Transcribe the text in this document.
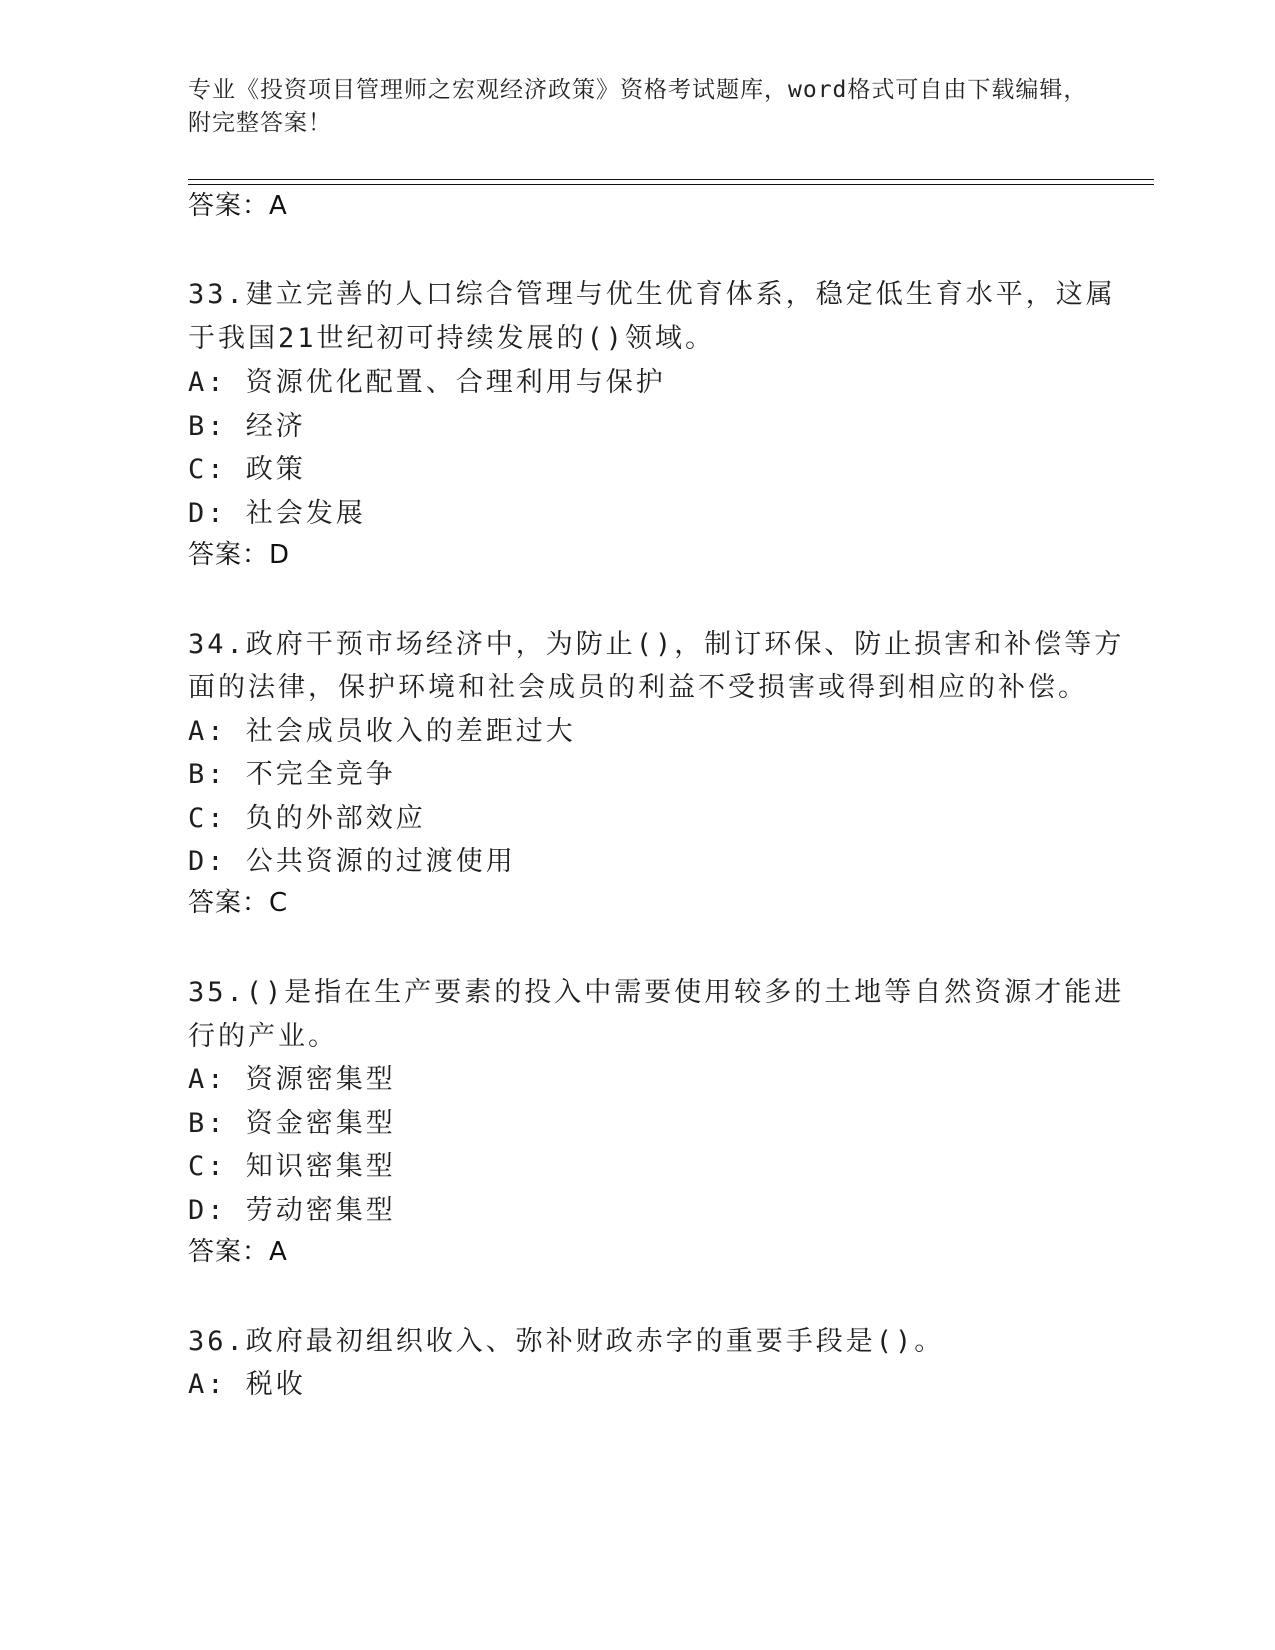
专业《投资项目管理师之宏观经济政策》资格考试题库，word格式可自由下载编辑，附完整答案！
答案：A
33.建立完善的人口综合管理与优生优育体系，稳定低生育水平，这属
于我国21世纪初可持续发展的()领域。
A: 资源优化配置、合理利用与保护
B: 经济
C: 政策
D: 社会发展
答案：D
34.政府干预市场经济中，为防止()，制订环保、防止损害和补偿等方
面的法律，保护环境和社会成员的利益不受损害或得到相应的补偿。
A: 社会成员收入的差距过大
B: 不完全竞争
C: 负的外部效应
D: 公共资源的过渡使用
答案：C
35.()是指在生产要素的投入中需要使用较多的土地等自然资源才能进
行的产业。
A: 资源密集型
B: 资金密集型
C: 知识密集型
D: 劳动密集型
答案：A
36.政府最初组织收入、弥补财政赤字的重要手段是()。
A: 税收
